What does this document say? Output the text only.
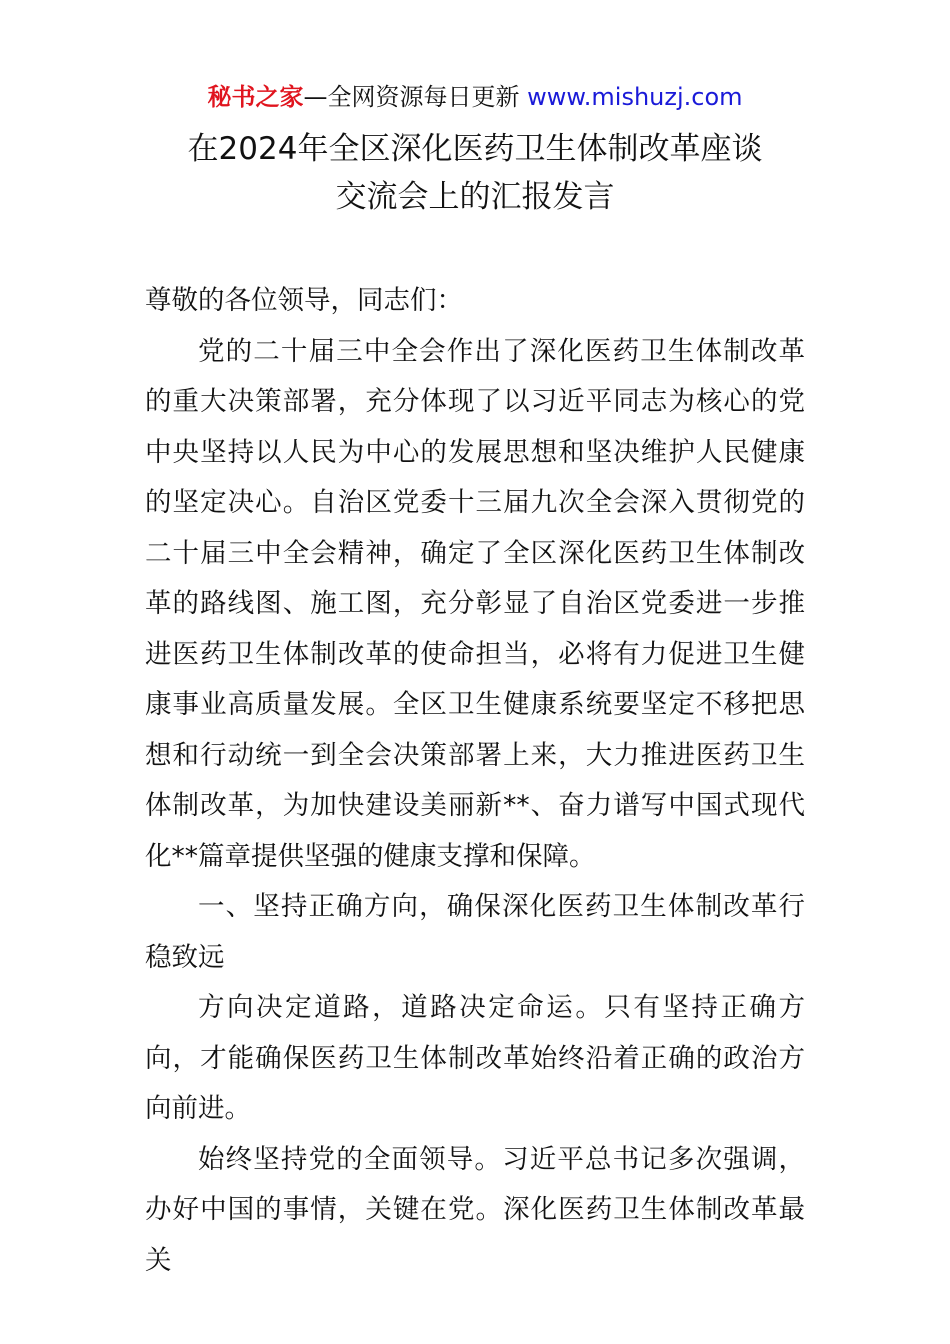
秘书之家—全网资源每日更新 www.mishuzj.com
在2024年全区深化医药卫生体制改革座谈
交流会上的汇报发言

尊敬的各位领导，同志们：

党的二十届三中全会作出了深化医药卫生体制改革的重大决策部署，充分体现了以习近平同志为核心的党中央坚持以人民为中心的发展思想和坚决维护人民健康的坚定决心。自治区党委十三届九次全会深入贯彻党的二十届三中全会精神，确定了全区深化医药卫生体制改革的路线图、施工图，充分彰显了自治区党委进一步推进医药卫生体制改革的使命担当，必将有力促进卫生健康事业高质量发展。全区卫生健康系统要坚定不移把思想和行动统一到全会决策部署上来，大力推进医药卫生体制改革，为加快建设美丽新**、奋力谱写中国式现代化**篇章提供坚强的健康支撑和保障。

一、坚持正确方向，确保深化医药卫生体制改革行稳致远

方向决定道路，道路决定命运。只有坚持正确方向，才能确保医药卫生体制改革始终沿着正确的政治方向前进。

始终坚持党的全面领导。习近平总书记多次强调，办好中国的事情，关键在党。深化医药卫生体制改革最关
